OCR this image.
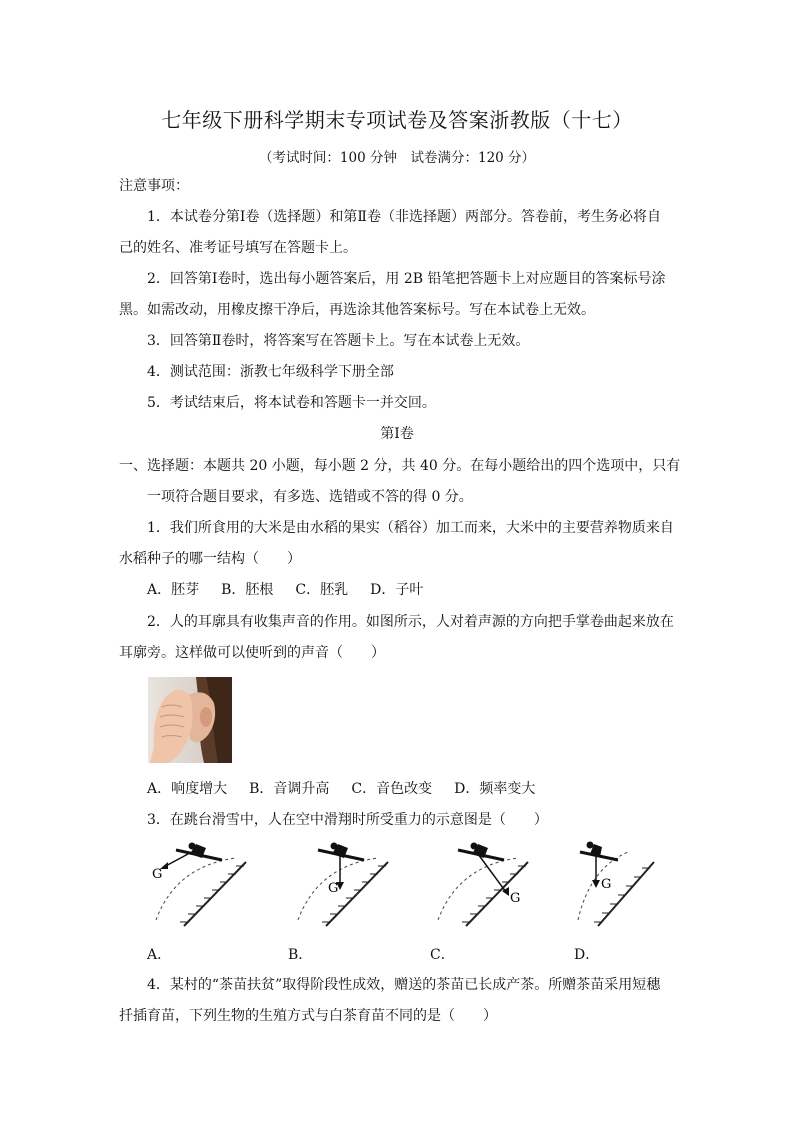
七年级下册科学期末专项试卷及答案浙教版（十七）
（考试时间：100 分钟　试卷满分：120 分）
注意事项：
1．本试卷分第Ⅰ卷（选择题）和第Ⅱ卷（非选择题）两部分。答卷前，考生务必将自
己的姓名、准考证号填写在答题卡上。
2．回答第Ⅰ卷时，选出每小题答案后，用 2B 铅笔把答题卡上对应题目的答案标号涂
黑。如需改动，用橡皮擦干净后，再选涂其他答案标号。写在本试卷上无效。
3．回答第Ⅱ卷时，将答案写在答题卡上。写在本试卷上无效。
4．测试范围：浙教七年级科学下册全部
5．考试结束后，将本试卷和答题卡一并交回。
第Ⅰ卷
一、选择题：本题共 20 小题，每小题 2 分，共 40 分。在每小题给出的四个选项中，只有
一项符合题目要求，有多选、选错或不答的得 0 分。
1．我们所食用的大米是由水稻的果实（稻谷）加工而来，大米中的主要营养物质来自
水稻种子的哪一结构（　　）
A．胚芽 B．胚根 C．胚乳 D．子叶
2．人的耳廓具有收集声音的作用。如图所示，人对着声源的方向把手掌卷曲起来放在
耳廓旁。这样做可以使听到的声音（　　）
A．响度增大 B．音调升高 C．音色改变 D．频率变大
3．在跳台滑雪中，人在空中滑翔时所受重力的示意图是（　　）
G
G
G
G
A．	B．	C．	D．
4．某村的“茶苗扶贫”取得阶段性成效，赠送的茶苗已长成产茶。所赠茶苗采用短穗
扦插育苗，下列生物的生殖方式与白茶育苗不同的是（　　）
